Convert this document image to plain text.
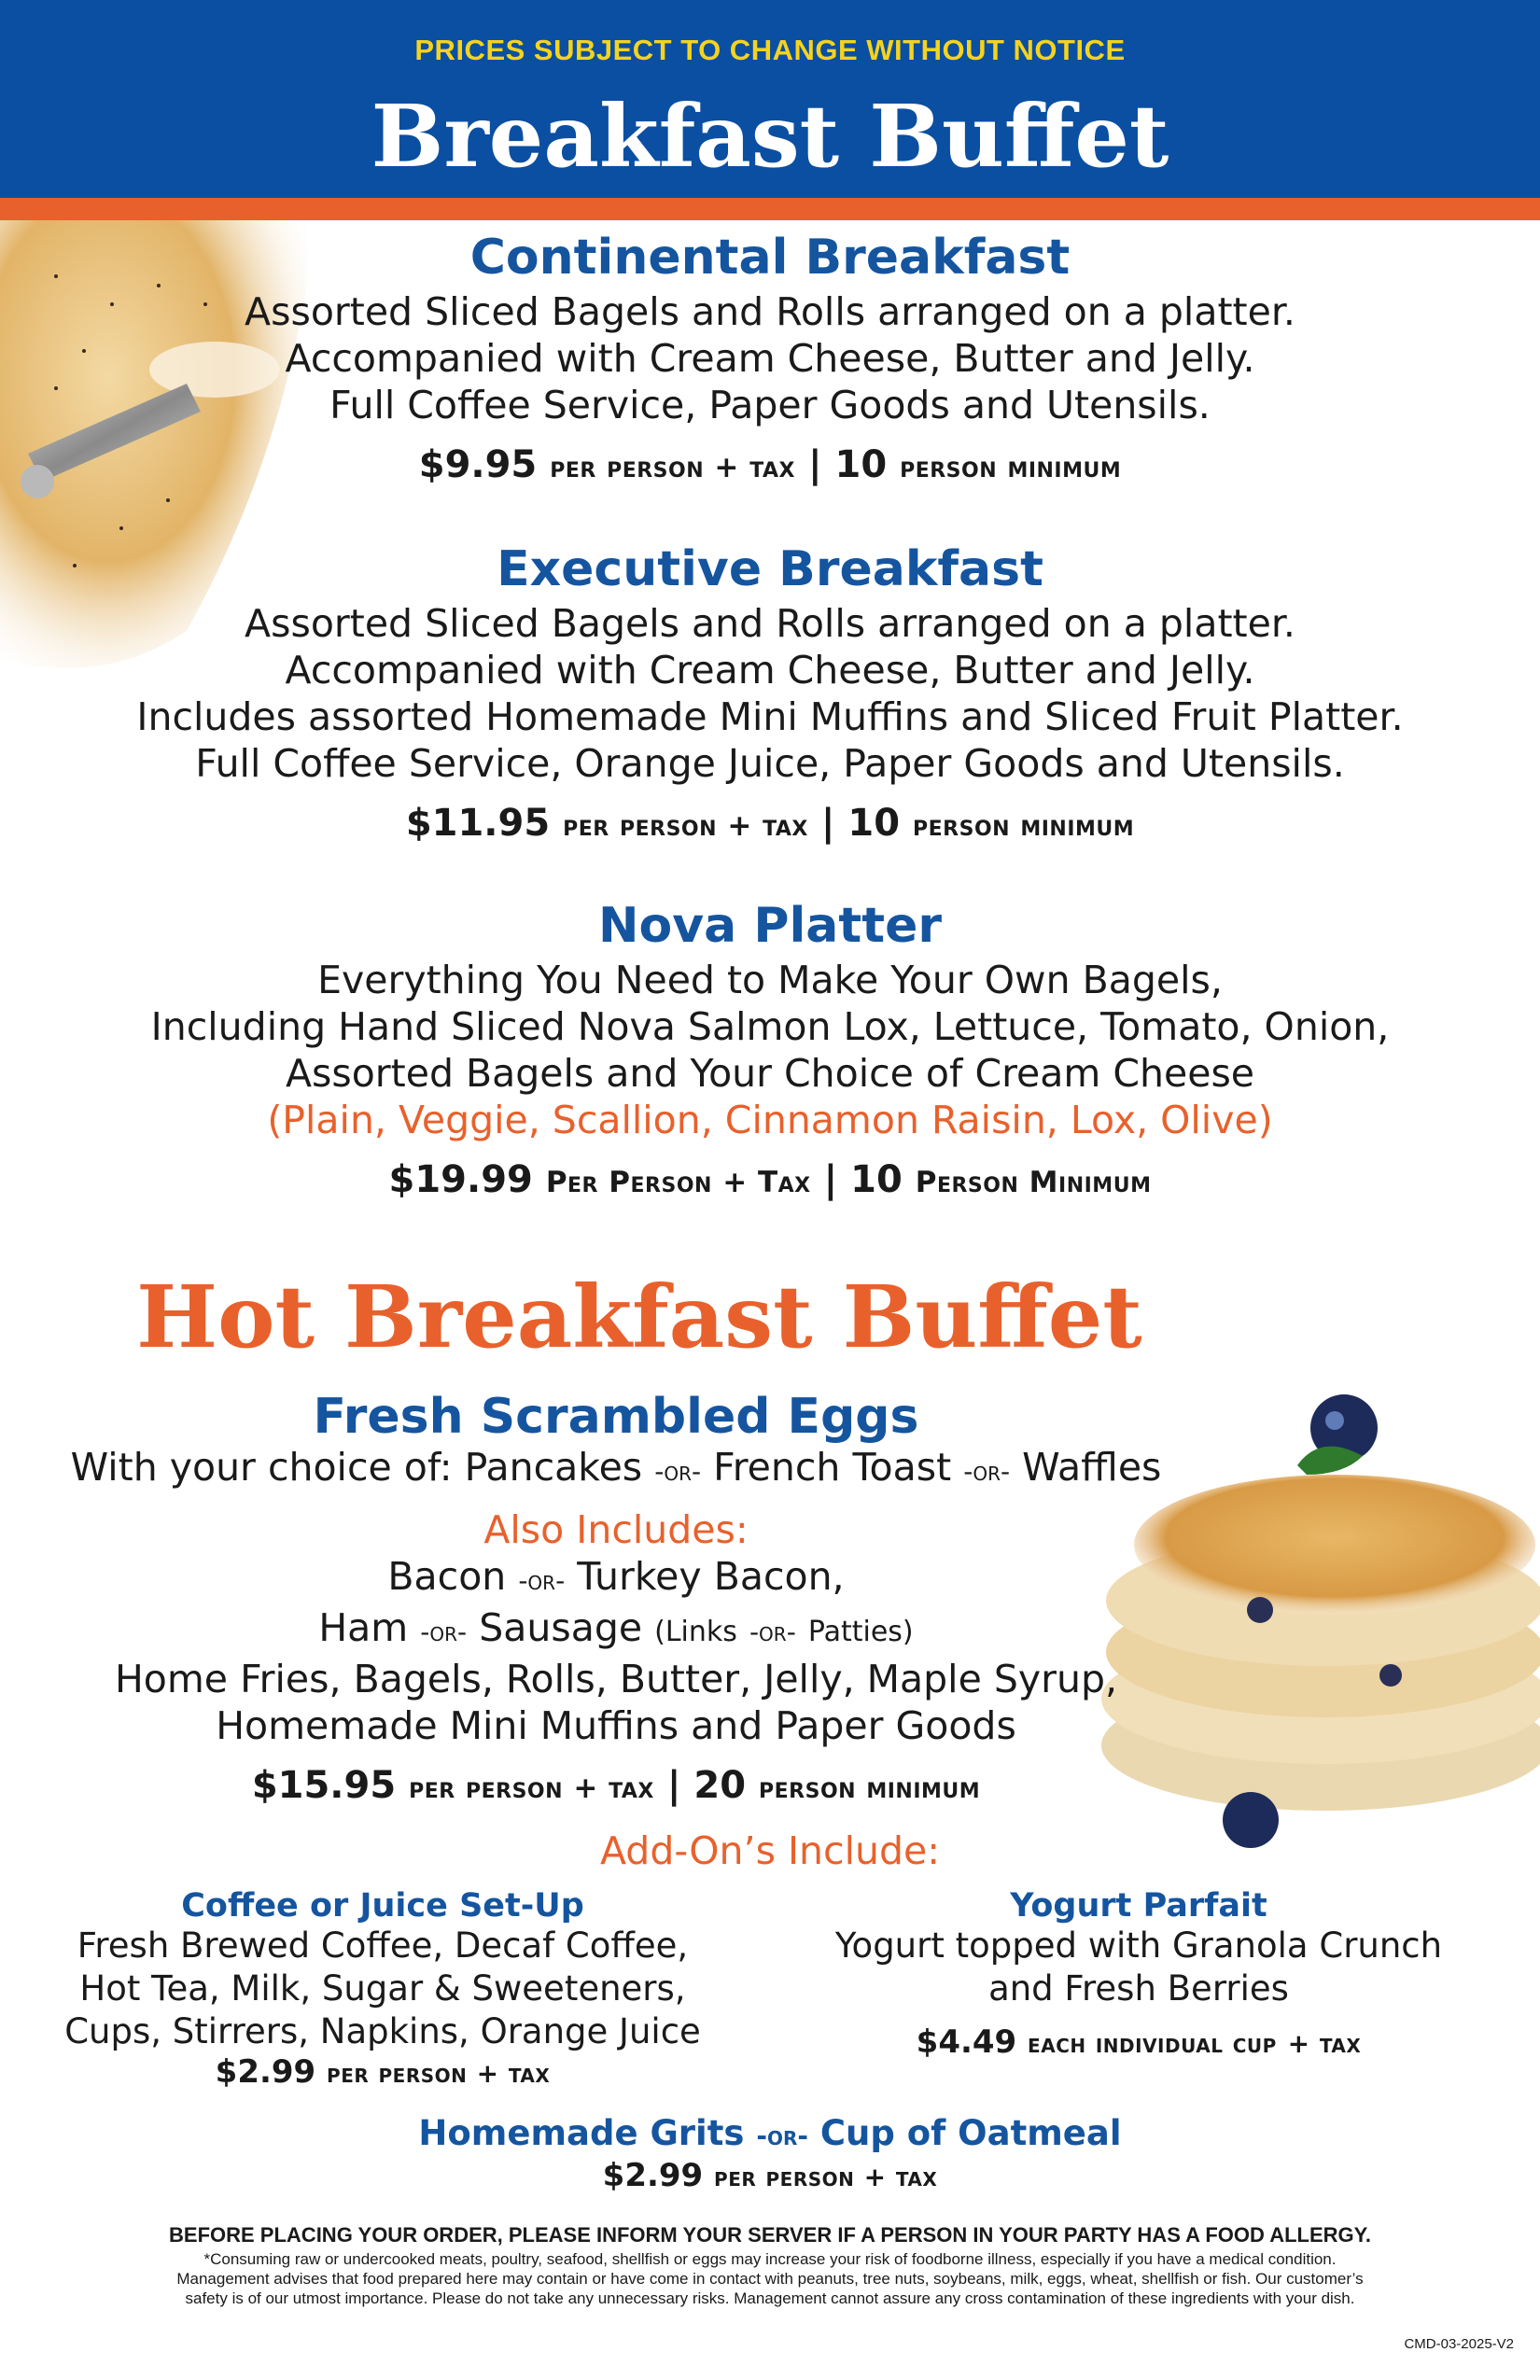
PRICES SUBJECT TO CHANGE WITHOUT NOTICE
Breakfast Buffet
Continental Breakfast
Assorted Sliced Bagels and Rolls arranged on a platter.
Accompanied with Cream Cheese, Butter and Jelly.
Full Coffee Service, Paper Goods and Utensils.
$9.95 per person + tax | 10 person minimum
Executive Breakfast
Assorted Sliced Bagels and Rolls arranged on a platter.
Accompanied with Cream Cheese, Butter and Jelly.
Includes assorted Homemade Mini Muffins and Sliced Fruit Platter.
Full Coffee Service, Orange Juice, Paper Goods and Utensils.
$11.95 per person + tax | 10 person minimum
Nova Platter
Everything You Need to Make Your Own Bagels,
Including Hand Sliced Nova Salmon Lox, Lettuce, Tomato, Onion,
Assorted Bagels and Your Choice of Cream Cheese
(Plain, Veggie, Scallion, Cinnamon Raisin, Lox, Olive)
$19.99 Per Person + Tax | 10 Person Minimum
Hot Breakfast Buffet
Fresh Scrambled Eggs
With your choice of: Pancakes -or- French Toast -or- Waffles
Also Includes:
Bacon -or- Turkey Bacon,
Ham -or- Sausage (Links -or- Patties)
Home Fries, Bagels, Rolls, Butter, Jelly, Maple Syrup,
Homemade Mini Muffins and Paper Goods
$15.95 per person + tax | 20 person minimum
Add-On’s Include:
Coffee or Juice Set-Up
Fresh Brewed Coffee, Decaf Coffee,
Hot Tea, Milk, Sugar & Sweeteners,
Cups, Stirrers, Napkins, Orange Juice
$2.99 per person + tax
Yogurt Parfait
Yogurt topped with Granola Crunch
and Fresh Berries
$4.49 each individual cup + tax
Homemade Grits -or- Cup of Oatmeal
$2.99 per person + tax
BEFORE PLACING YOUR ORDER, PLEASE INFORM YOUR SERVER IF A PERSON IN YOUR PARTY HAS A FOOD ALLERGY.
*Consuming raw or undercooked meats, poultry, seafood, shellfish or eggs may increase your risk of foodborne illness, especially if you have a medical condition.
Management advises that food prepared here may contain or have come in contact with peanuts, tree nuts, soybeans, milk, eggs, wheat, shellfish or fish. Our customer’s
safety is of our utmost importance. Please do not take any unnecessary risks. Management cannot assure any cross contamination of these ingredients with your dish.
CMD-03-2025-V2
